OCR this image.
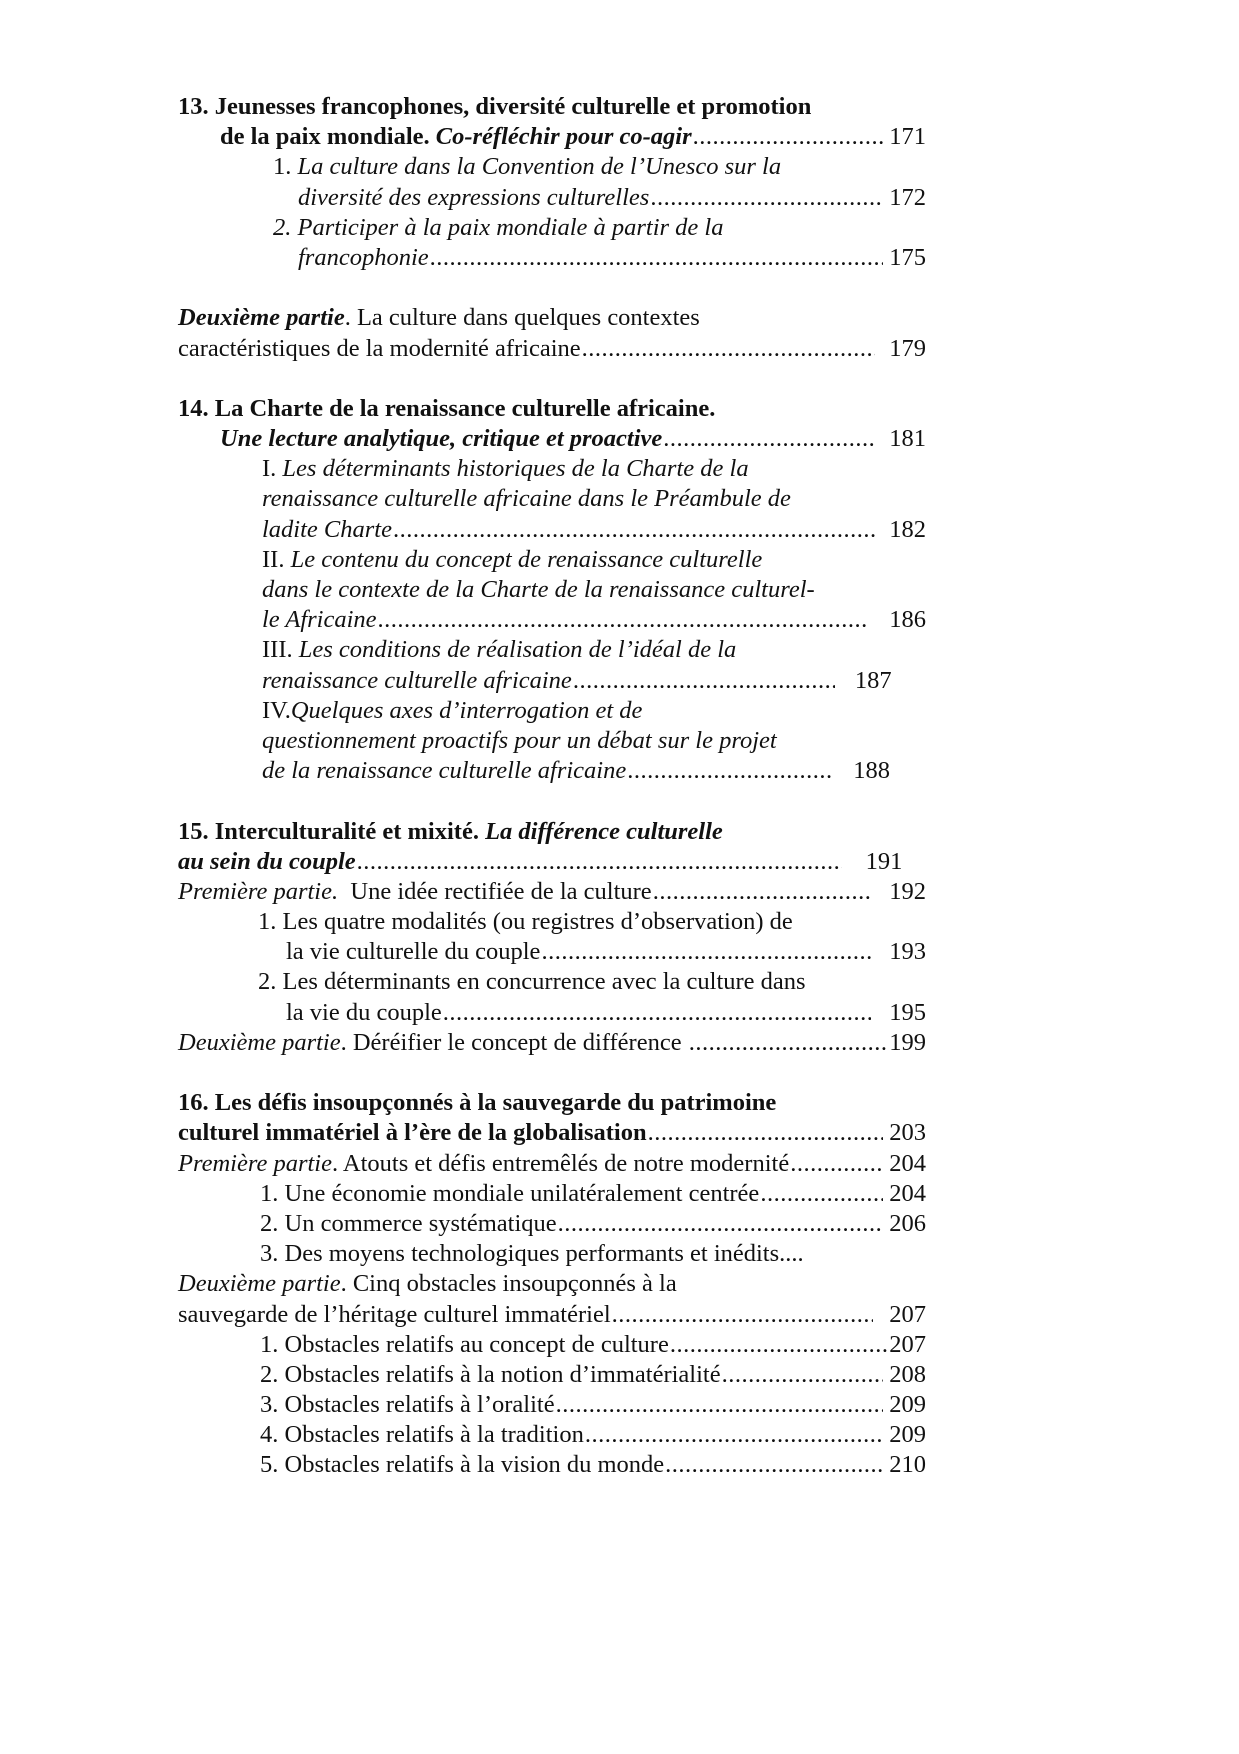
13. Jeunesses francophones, diversité culturelle et promotion
de la paix mondiale.
Co-réfléchir pour co-agir .....	171
1.
La culture dans la Convention de l’Unesco sur la
diversité des expressions culturelles .....	172
2.
Participer à la paix mondiale à partir de la
francophonie .....	175
Deuxième partie . La culture dans quelques contextes
caractéristiques de la modernité africaine .....	179
14. La Charte de la renaissance culturelle africaine.
Une lecture analytique, critique et proactive .....	181
I.
Les déterminants historiques de la Charte de la
renaissance culturelle africaine dans le Préambule de
ladite Charte .....	182
II.
Le contenu du concept de renaissance culturelle
dans le contexte de la Charte de la renaissance culturel-
le Africaine .....	186
III.
Les conditions de réalisation de l’idéal de la
renaissance culturelle africaine .....	187
IV. Quelques axes d’interrogation et de
questionnement proactifs pour un débat sur le projet
de la renaissance culturelle africaine .....	188
15. Interculturalité et mixité.
La différence culturelle
au sein du couple .....	191
Première partie.
Une idée rectifiée de la culture .....	192
1.
Les quatre modalités (ou registres d’observation) de
la vie culturelle du couple .....	193
2.
Les déterminants en concurrence avec la culture dans
la vie du couple .....	195
Deuxième partie . Déréifier le concept de différence .....	199
16. Les défis insoupçonnés à la sauvegarde du patrimoine
culturel immatériel à l’ère de la globalisation .....	203
Première partie . Atouts et défis entremêlés de notre modernité .....	204
1. Une économie mondiale unilatéralement centrée .....	204
2. Un commerce systématique .....	206
3. Des moyens technologiques performants et inédits....
Deuxième partie . Cinq obstacles insoupçonnés à la
sauvegarde de l’héritage culturel immatériel .....	207
1. Obstacles relatifs au concept de culture .....	207
2. Obstacles relatifs à la notion d’immatérialité .....	208
3. Obstacles relatifs à l’oralité .....	209
4. Obstacles relatifs à la tradition .....	209
5. Obstacles relatifs à la vision du monde .....	210
